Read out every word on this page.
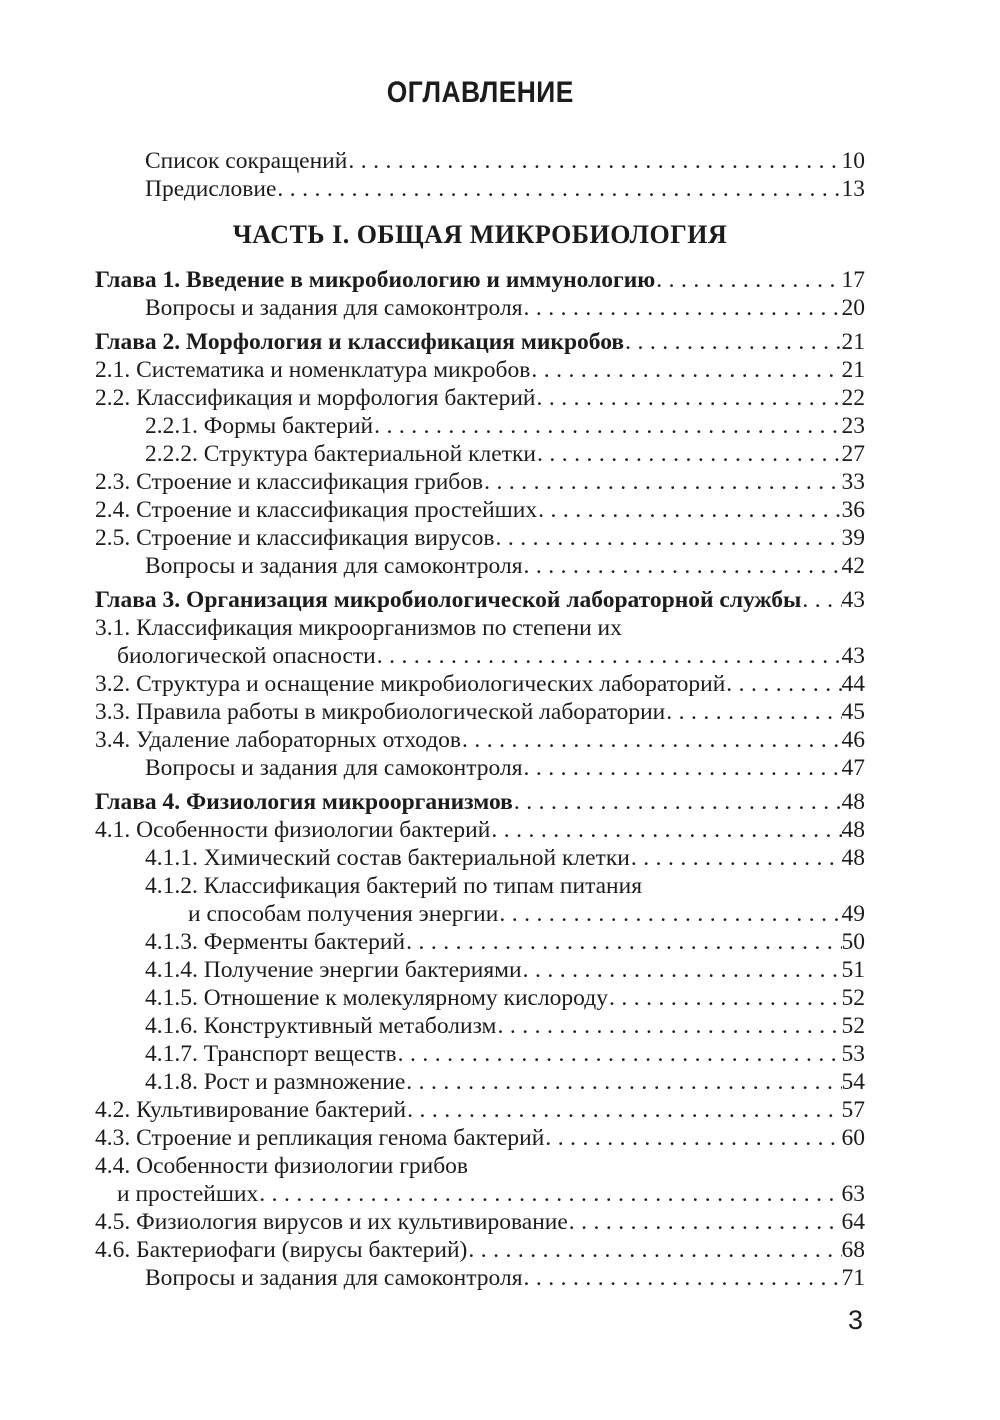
ОГЛАВЛЕНИЕ
Список сокращений .....	10
Предисловие .....	13
ЧАСТЬ I. ОБЩАЯ МИКРОБИОЛОГИЯ
Глава 1. Введение в микробиологию и иммунологию .....	17
Вопросы и задания для самоконтроля .....	20
Глава 2. Морфология и классификация микробов .....	21
2.1. Систематика и номенклатура микробов .....	21
2.2. Классификация и морфология бактерий .....	22
2.2.1. Формы бактерий .....	23
2.2.2. Структура бактериальной клетки .....	27
2.3. Строение и классификация грибов .....	33
2.4. Строение и классификация простейших .....	36
2.5. Строение и классификация вирусов .....	39
Вопросы и задания для самоконтроля .....	42
Глава 3. Организация микробиологической лабораторной службы ..... 43
3.1. Классификация микроорганизмов по степени их
биологической опасности .....	43
3.2. Структура и оснащение микробиологических лабораторий .....	44
3.3. Правила работы в микробиологической лаборатории .....	45
3.4. Удаление лабораторных отходов .....	46
Вопросы и задания для самоконтроля .....	47
Глава 4. Физиология микроорганизмов .....	48
4.1. Особенности физиологии бактерий .....	48
4.1.1. Химический состав бактериальной клетки .....	48
4.1.2. Классификация бактерий по типам питания
и способам получения энергии .....	49
4.1.3. Ферменты бактерий .....	50
4.1.4. Получение энергии бактериями .....	51
4.1.5. Отношение к молекулярному кислороду .....	52
4.1.6. Конструктивный метаболизм .....	52
4.1.7. Транспорт веществ .....	53
4.1.8. Рост и размножение .....	54
4.2. Культивирование бактерий .....	57
4.3. Строение и репликация генома бактерий .....	60
4.4. Особенности физиологии грибов
и простейших .....	63
4.5. Физиология вирусов и их культивирование .....	64
4.6. Бактериофаги (вирусы бактерий) .....	68
Вопросы и задания для самоконтроля .....	71
3
